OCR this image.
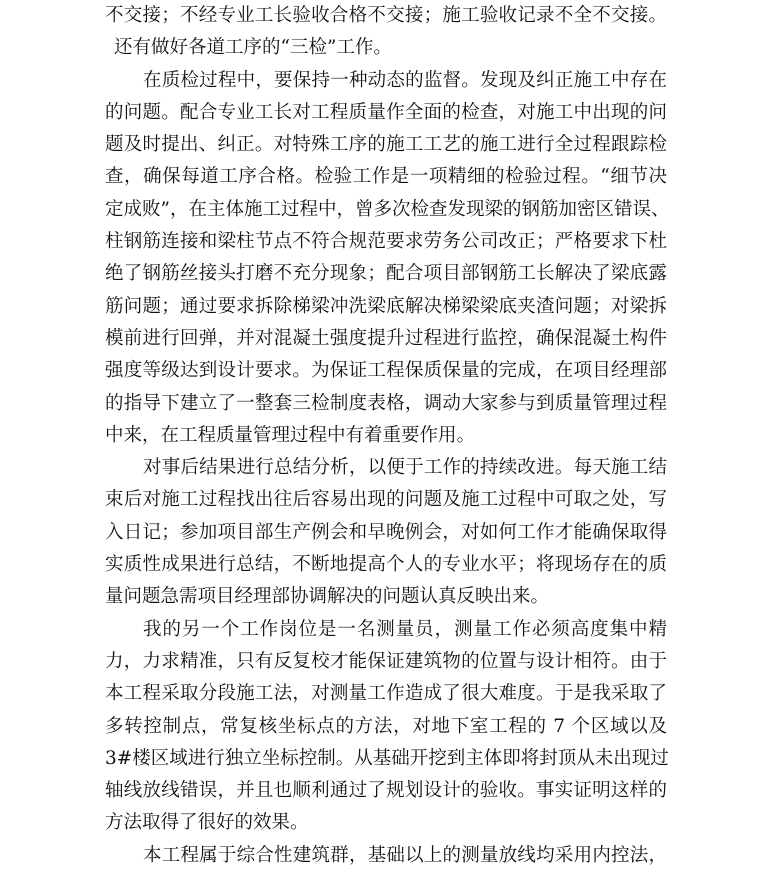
不交接；不经专业工长验收合格不交接；施工验收记录不全不交接。
还有做好各道工序的“三检”工作。
在质检过程中，要保持一种动态的监督。发现及纠正施工中存在
的问题。配合专业工长对工程质量作全面的检查，对施工中出现的问
题及时提出、纠正。对特殊工序的施工工艺的施工进行全过程跟踪检
查，确保每道工序合格。检验工作是一项精细的检验过程。“细节决
定成败”，在主体施工过程中，曾多次检查发现梁的钢筋加密区错误、
柱钢筋连接和梁柱节点不符合规范要求劳务公司改正；严格要求下杜
绝了钢筋丝接头打磨不充分现象；配合项目部钢筋工长解决了梁底露
筋问题；通过要求拆除梯梁冲洗梁底解决梯梁梁底夹渣问题；对梁拆
模前进行回弹，并对混凝土强度提升过程进行监控，确保混凝土构件
强度等级达到设计要求。为保证工程保质保量的完成，在项目经理部
的指导下建立了一整套三检制度表格，调动大家参与到质量管理过程
中来，在工程质量管理过程中有着重要作用。
对事后结果进行总结分析，以便于工作的持续改进。每天施工结
束后对施工过程找出往后容易出现的问题及施工过程中可取之处，写
入日记；参加项目部生产例会和早晚例会，对如何工作才能确保取得
实质性成果进行总结，不断地提高个人的专业水平；将现场存在的质
量问题急需项目经理部协调解决的问题认真反映出来。
我的另一个工作岗位是一名测量员，测量工作必须高度集中精
力，力求精准，只有反复校才能保证建筑物的位置与设计相符。由于
本工程采取分段施工法，对测量工作造成了很大难度。于是我采取了
多转控制点，常复核坐标点的方法，对地下室工程的 7 个区域以及
3#楼区域进行独立坐标控制。从基础开挖到主体即将封顶从未出现过
轴线放线错误，并且也顺利通过了规划设计的验收。事实证明这样的
方法取得了很好的效果。
本工程属于综合性建筑群，基础以上的测量放线均采用内控法，
